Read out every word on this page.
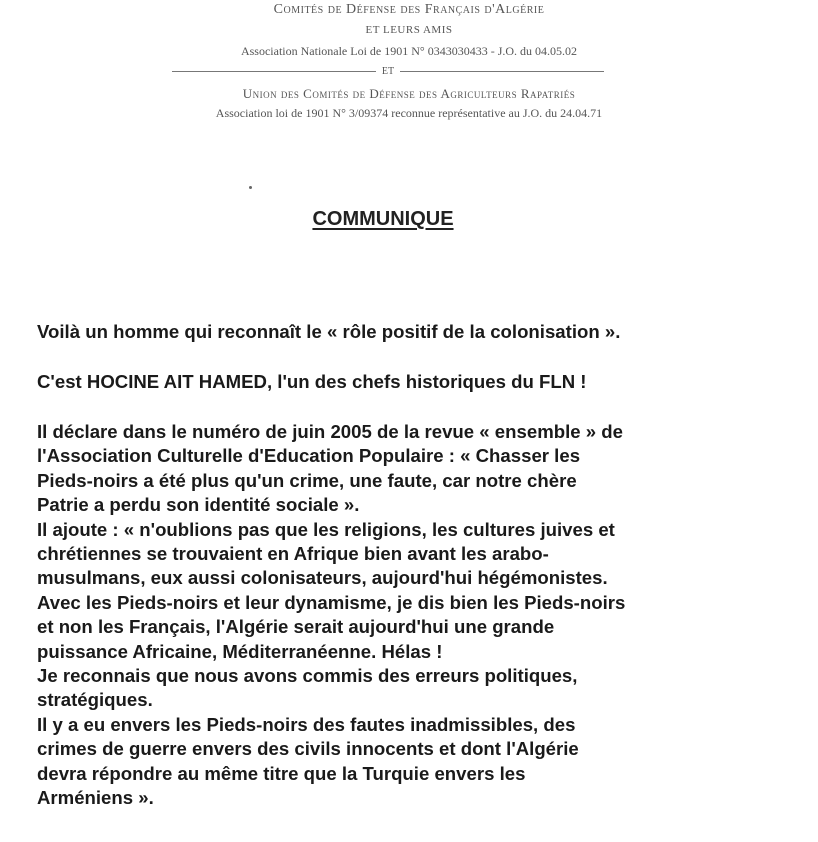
Comités de Défense des Français d'Algérie
ET LEURS AMIS
Association Nationale Loi de 1901 N° 0343030433 - J.O. du 04.05.02
ET
Union des Comités de Défense des Agriculteurs Rapatriés
Association loi de 1901 N° 3/09374 reconnue représentative au J.O. du 24.04.71
COMMUNIQUE
Voilà un homme qui reconnaît le « rôle positif de la colonisation ».
C'est HOCINE AIT HAMED, l'un des chefs historiques du FLN !
Il déclare dans le numéro de juin 2005 de la revue « ensemble » de
l'Association Culturelle d'Education Populaire : « Chasser les
Pieds-noirs a été plus qu'un crime, une faute, car notre chère
Patrie a perdu son identité sociale ».
Il ajoute : « n'oublions pas que les religions, les cultures juives et
chrétiennes se trouvaient en Afrique bien avant les arabo-
musulmans, eux aussi colonisateurs, aujourd'hui hégémonistes.
Avec les Pieds-noirs et leur dynamisme, je dis bien les Pieds-noirs
et non les Français, l'Algérie serait aujourd'hui une grande
puissance Africaine, Méditerranéenne. Hélas !
Je reconnais que nous avons commis des erreurs politiques,
stratégiques.
Il y a eu envers les Pieds-noirs des fautes inadmissibles, des
crimes de guerre envers des civils innocents et dont l'Algérie
devra répondre au même titre que la Turquie envers les
Arméniens ».
